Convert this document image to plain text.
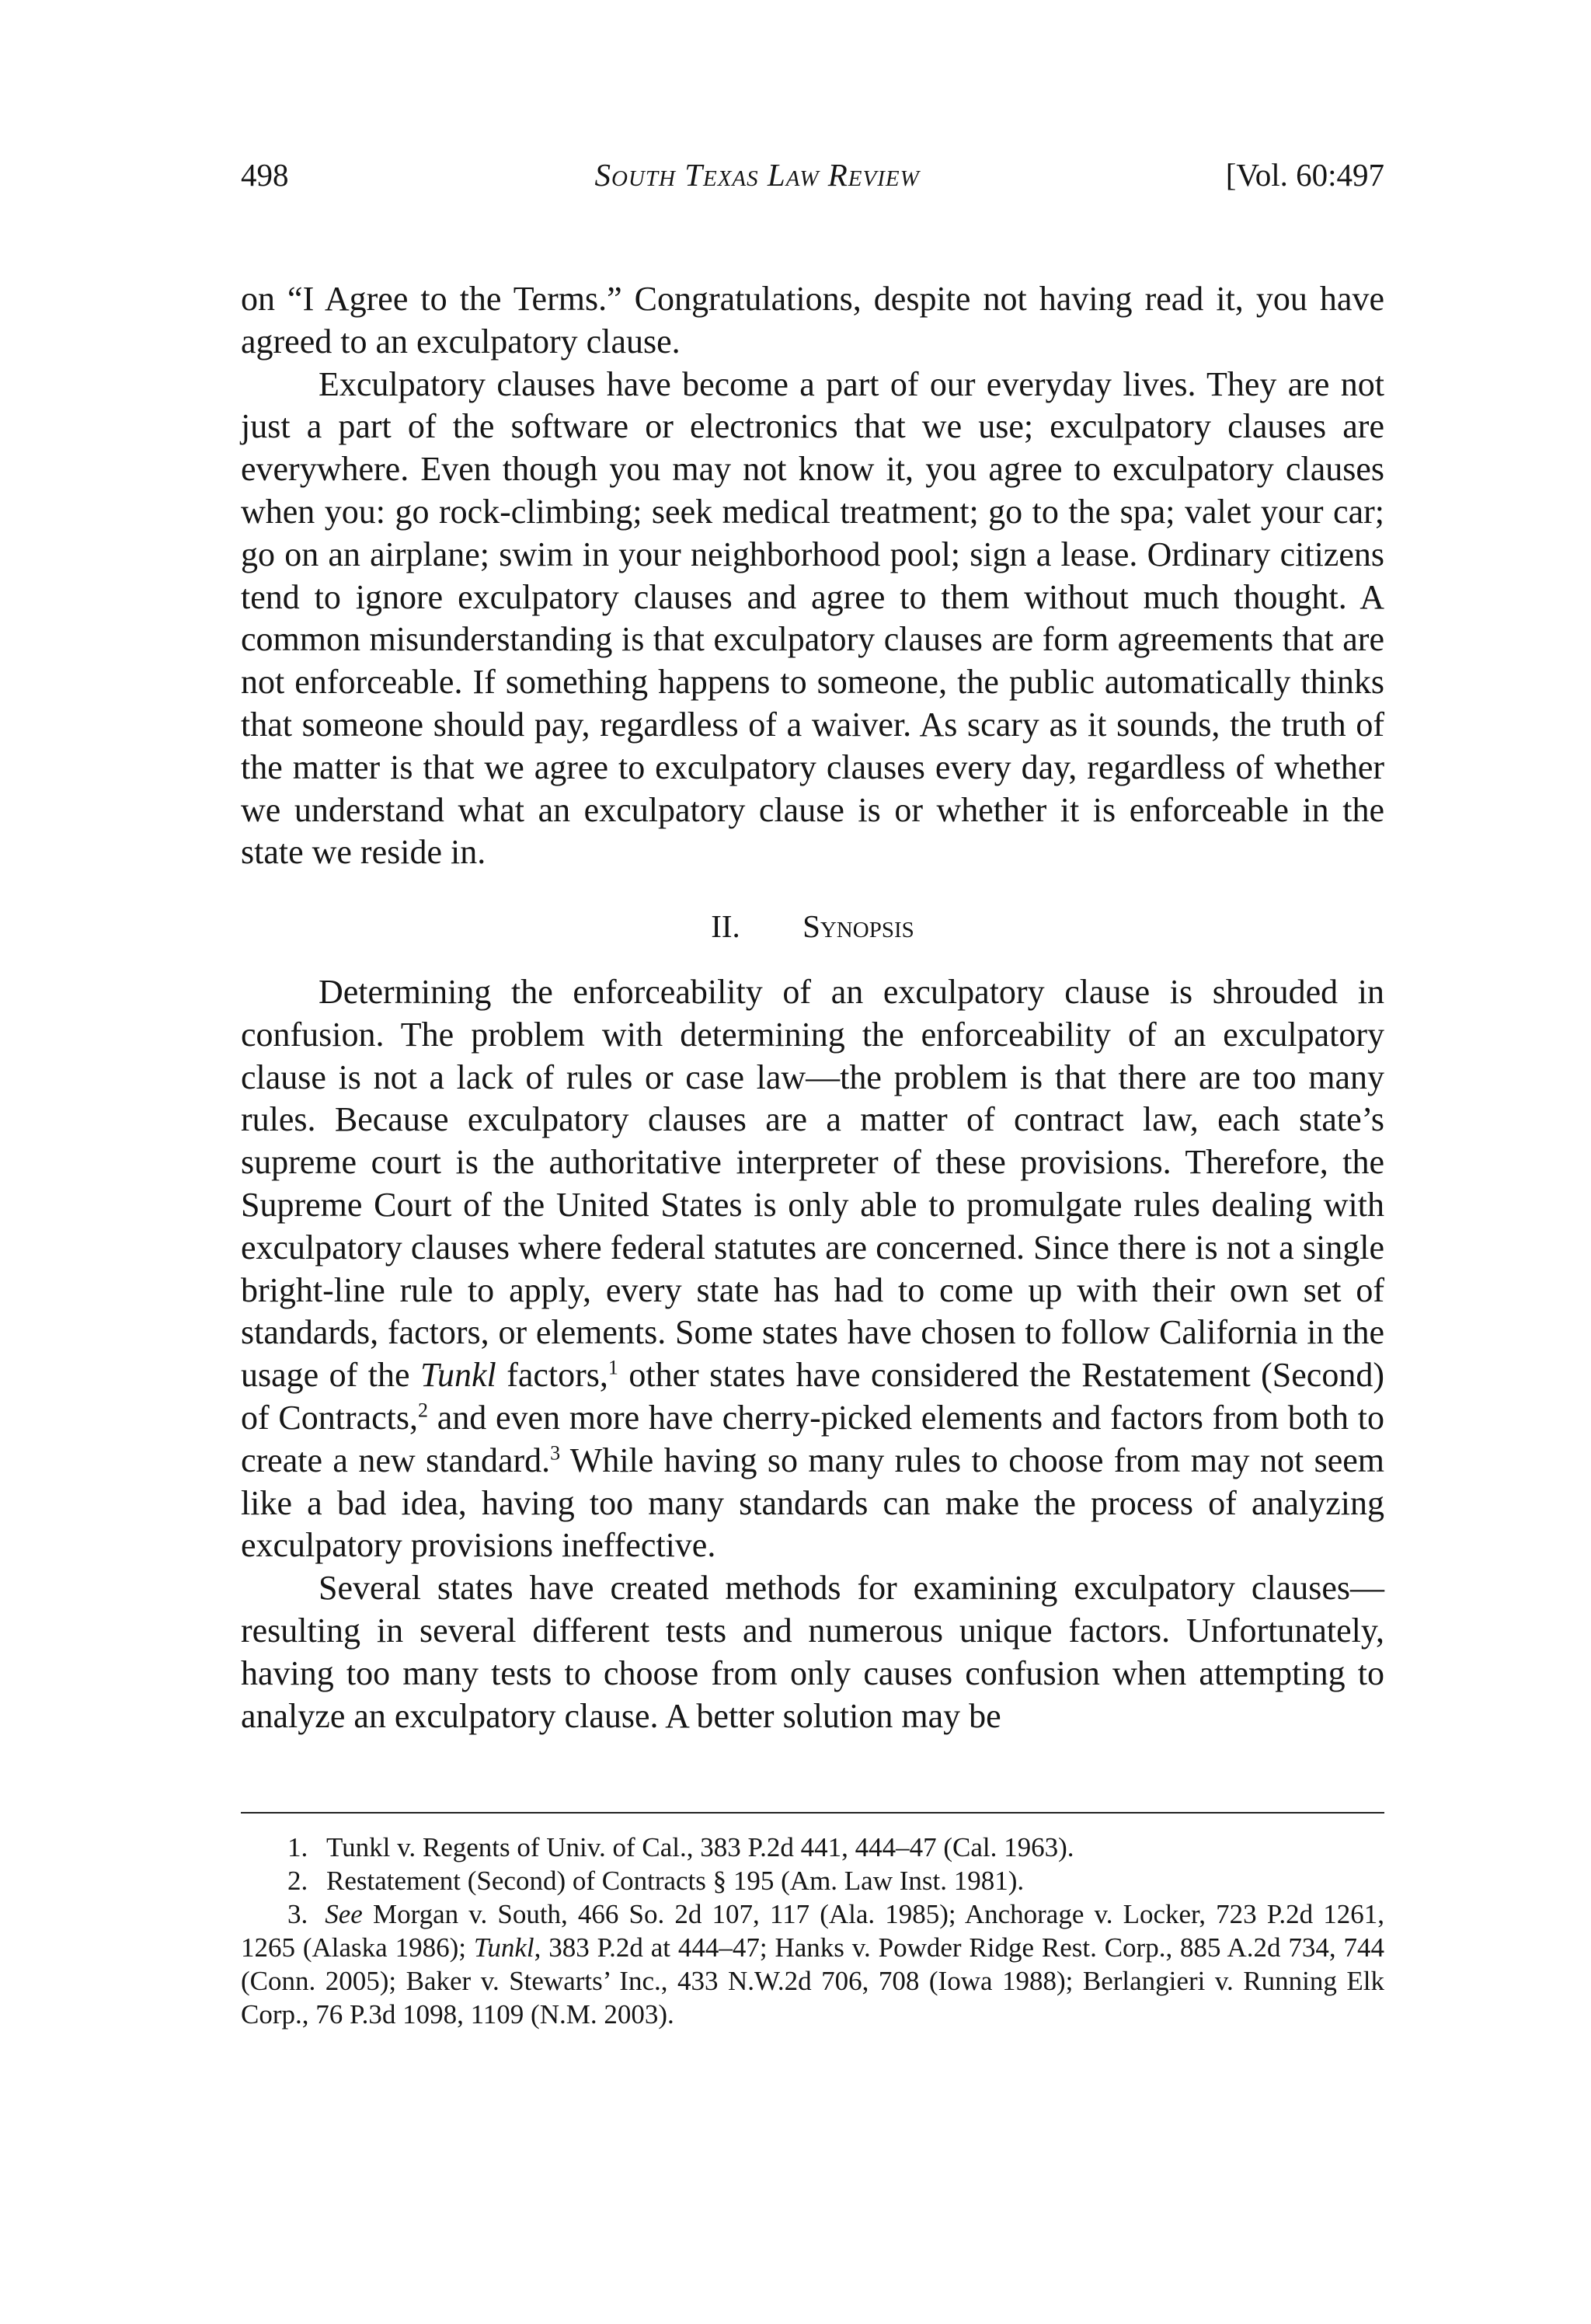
498	South Texas Law Review	[Vol. 60:497

on “I Agree to the Terms.” Congratulations, despite not having read it, you have agreed to an exculpatory clause.

Exculpatory clauses have become a part of our everyday lives. They are not just a part of the software or electronics that we use; exculpatory clauses are everywhere. Even though you may not know it, you agree to exculpatory clauses when you: go rock-climbing; seek medical treatment; go to the spa; valet your car; go on an airplane; swim in your neighborhood pool; sign a lease. Ordinary citizens tend to ignore exculpatory clauses and agree to them without much thought. A common misunderstanding is that exculpatory clauses are form agreements that are not enforceable. If something happens to someone, the public automatically thinks that someone should pay, regardless of a waiver. As scary as it sounds, the truth of the matter is that we agree to exculpatory clauses every day, regardless of whether we understand what an exculpatory clause is or whether it is enforceable in the state we reside in.

II. Synopsis

Determining the enforceability of an exculpatory clause is shrouded in confusion. The problem with determining the enforceability of an exculpatory clause is not a lack of rules or case law—the problem is that there are too many rules. Because exculpatory clauses are a matter of contract law, each state’s supreme court is the authoritative interpreter of these provisions. Therefore, the Supreme Court of the United States is only able to promulgate rules dealing with exculpatory clauses where federal statutes are concerned. Since there is not a single bright-line rule to apply, every state has had to come up with their own set of standards, factors, or elements. Some states have chosen to follow California in the usage of the Tunkl factors,$^1$ other states have considered the Restatement (Second) of Contracts,$^2$ and even more have cherry-picked elements and factors from both to create a new standard.$^3$ While having so many rules to choose from may not seem like a bad idea, having too many standards can make the process of analyzing exculpatory provisions ineffective.

Several states have created methods for examining exculpatory clauses—resulting in several different tests and numerous unique factors. Unfortunately, having too many tests to choose from only causes confusion when attempting to analyze an exculpatory clause. A better solution may be

1. Tunkl v. Regents of Univ. of Cal., 383 P.2d 441, 444–47 (Cal. 1963).

2. Restatement (Second) of Contracts § 195 (Am. Law Inst. 1981).

3. See Morgan v. South, 466 So. 2d 107, 117 (Ala. 1985); Anchorage v. Locker, 723 P.2d 1261, 1265 (Alaska 1986); Tunkl, 383 P.2d at 444–47; Hanks v. Powder Ridge Rest. Corp., 885 A.2d 734, 744 (Conn. 2005); Baker v. Stewarts’ Inc., 433 N.W.2d 706, 708 (Iowa 1988); Berlangieri v. Running Elk Corp., 76 P.3d 1098, 1109 (N.M. 2003).
